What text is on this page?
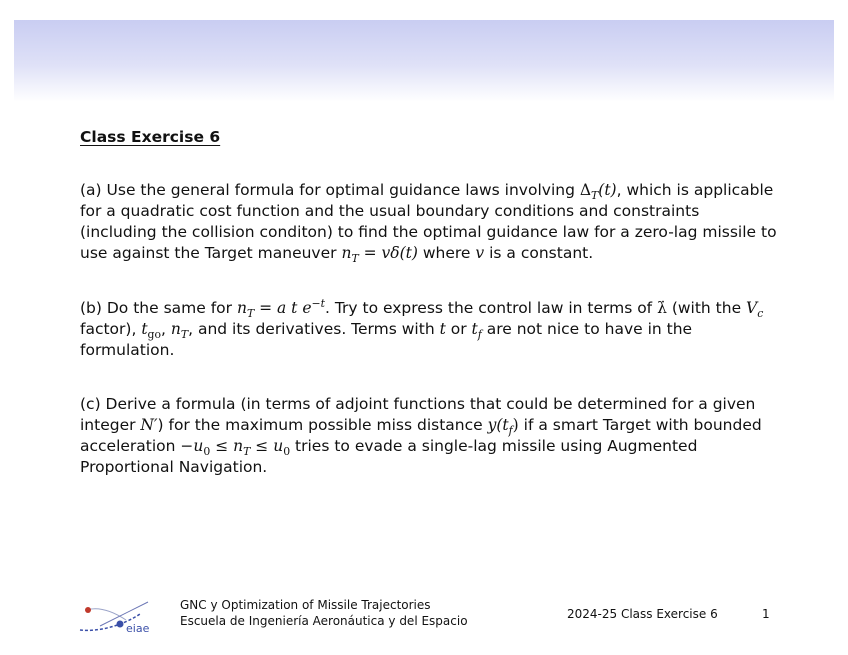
Class Exercise 6

(a) Use the general formula for optimal guidance laws involving $\Delta_T(t)$, which is applicable for a quadratic cost function and the usual boundary conditions and constraints (including the collision conditon) to find the optimal guidance law for a zero-lag missile to use against the Target maneuver $n_T = v\delta(t)$ where v is a constant.

(b) Do the same for $n_T = a$ t $e^{-t}$. Try to express the control law in terms of λ̇ (with the $V_c$ factor), $t_{go}$, $n_T$, and its derivatives. Terms with t or $t_f$ are not nice to have in the formulation.

(c) Derive a formula (in terms of adjoint functions that could be determined for a given integer N′) for the maximum possible miss distance $y(t_f)$ if a smart Target with bounded acceleration $-u_0 \le n_T \le u_0$ tries to evade a single-lag missile using Augmented Proportional Navigation.

eiae
GNC y Optimization of Missile Trajectories
Escuela de Ingeniería Aeronáutica y del Espacio	2024-25 Class Exercise 6	1
